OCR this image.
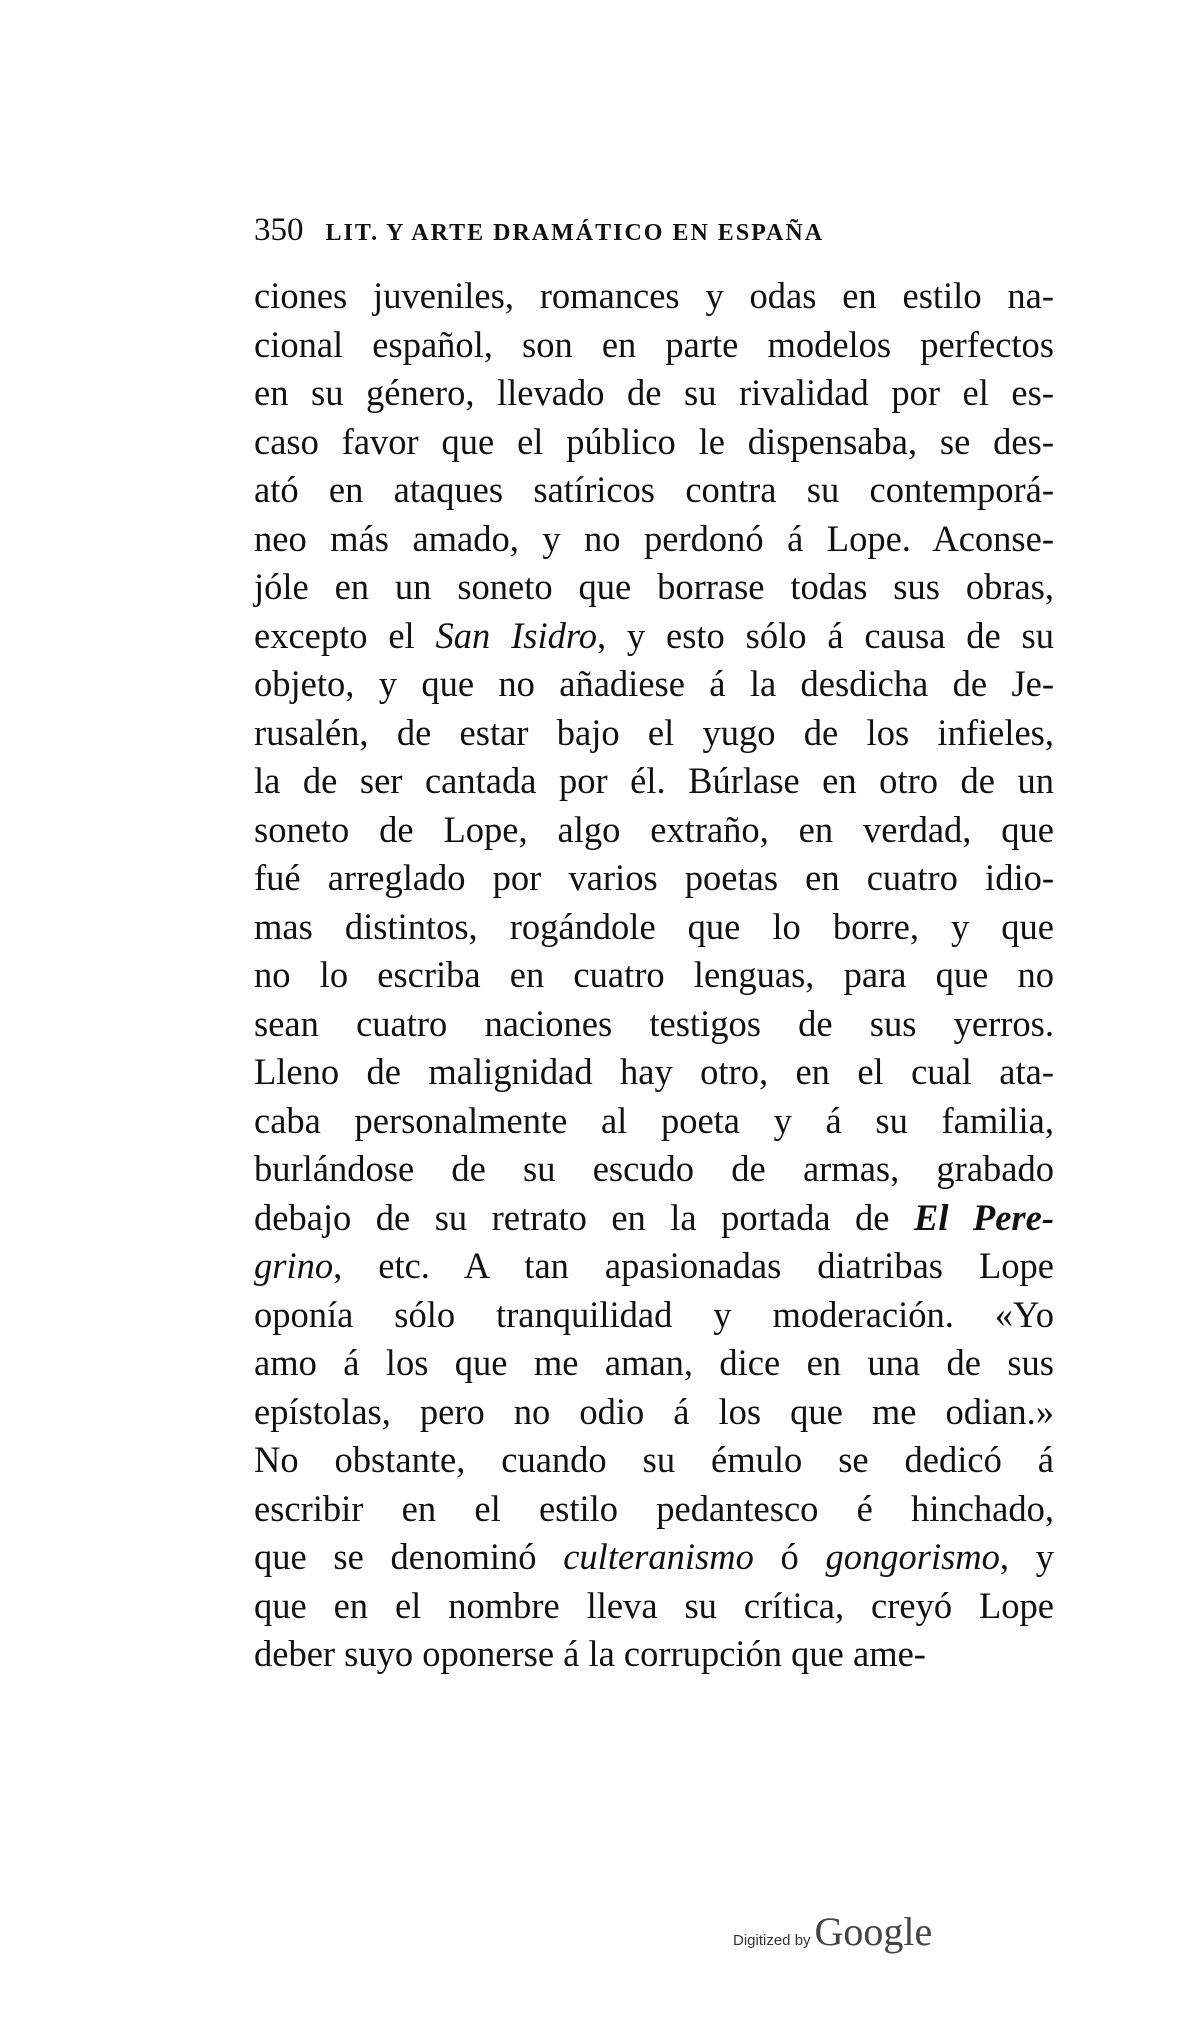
350 LIT. Y ARTE DRAMÁTICO EN ESPAÑA
ciones juveniles, romances y odas en estilo na-
cional español, son en parte modelos perfectos
en su género, llevado de su rivalidad por el es-
caso favor que el público le dispensaba, se des-
ató en ataques satíricos contra su contemporá-
neo más amado, y no perdonó á Lope. Aconse-
jóle en un soneto que borrase todas sus obras,
excepto el San Isidro, y esto sólo á causa de su
objeto, y que no añadiese á la desdicha de Je-
rusalén, de estar bajo el yugo de los infieles,
la de ser cantada por él. Búrlase en otro de un
soneto de Lope, algo extraño, en verdad, que
fué arreglado por varios poetas en cuatro idio-
mas distintos, rogándole que lo borre, y que
no lo escriba en cuatro lenguas, para que no
sean cuatro naciones testigos de sus yerros.
Lleno de malignidad hay otro, en el cual ata-
caba personalmente al poeta y á su familia,
burlándose de su escudo de armas, grabado
debajo de su retrato en la portada de El Pere-
grino, etc. A tan apasionadas diatribas Lope
oponía sólo tranquilidad y moderación. «Yo
amo á los que me aman, dice en una de sus
epístolas, pero no odio á los que me odian.»
No obstante, cuando su émulo se dedicó á
escribir en el estilo pedantesco é hinchado,
que se denominó culteranismo ó gongorismo, y
que en el nombre lleva su crítica, creyó Lope
deber suyo oponerse á la corrupción que ame-
Digitized by Google
